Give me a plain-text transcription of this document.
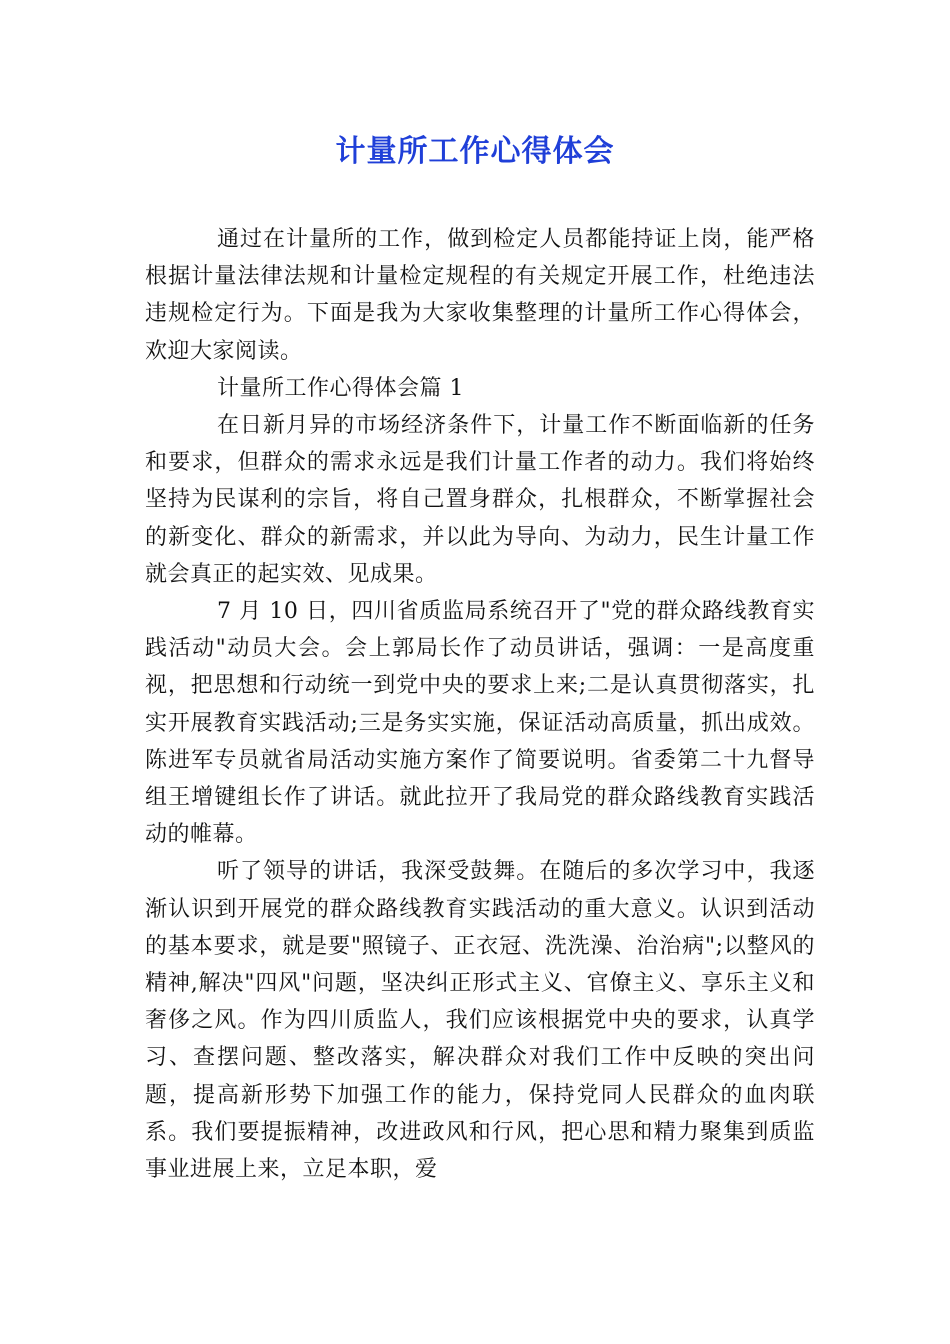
计量所工作心得体会

通过在计量所的工作，做到检定人员都能持证上岗，能严格根据计量法律法规和计量检定规程的有关规定开展工作，杜绝违法违规检定行为。下面是我为大家收集整理的计量所工作心得体会，欢迎大家阅读。

计量所工作心得体会篇 1

在日新月异的市场经济条件下，计量工作不断面临新的任务和要求，但群众的需求永远是我们计量工作者的动力。我们将始终坚持为民谋利的宗旨，将自己置身群众，扎根群众，不断掌握社会的新变化、群众的新需求，并以此为导向、为动力，民生计量工作就会真正的起实效、见成果。

7 月 10 日，四川省质监局系统召开了"党的群众路线教育实践活动"动员大会。会上郭局长作了动员讲话，强调：一是高度重视，把思想和行动统一到党中央的要求上来;二是认真贯彻落实，扎实开展教育实践活动;三是务实实施，保证活动高质量，抓出成效。陈进军专员就省局活动实施方案作了简要说明。省委第二十九督导组王增键组长作了讲话。就此拉开了我局党的群众路线教育实践活动的帷幕。

听了领导的讲话，我深受鼓舞。在随后的多次学习中，我逐渐认识到开展党的群众路线教育实践活动的重大意义。认识到活动的基本要求，就是要"照镜子、正衣冠、洗洗澡、治治病";以整风的精神,解决"四风"问题，坚决纠正形式主义、官僚主义、享乐主义和奢侈之风。作为四川质监人，我们应该根据党中央的要求，认真学习、查摆问题、整改落实，解决群众对我们工作中反映的突出问题，提高新形势下加强工作的能力，保持党同人民群众的血肉联系。我们要提振精神，改进政风和行风，把心思和精力聚集到质监事业进展上来，立足本职，爱
